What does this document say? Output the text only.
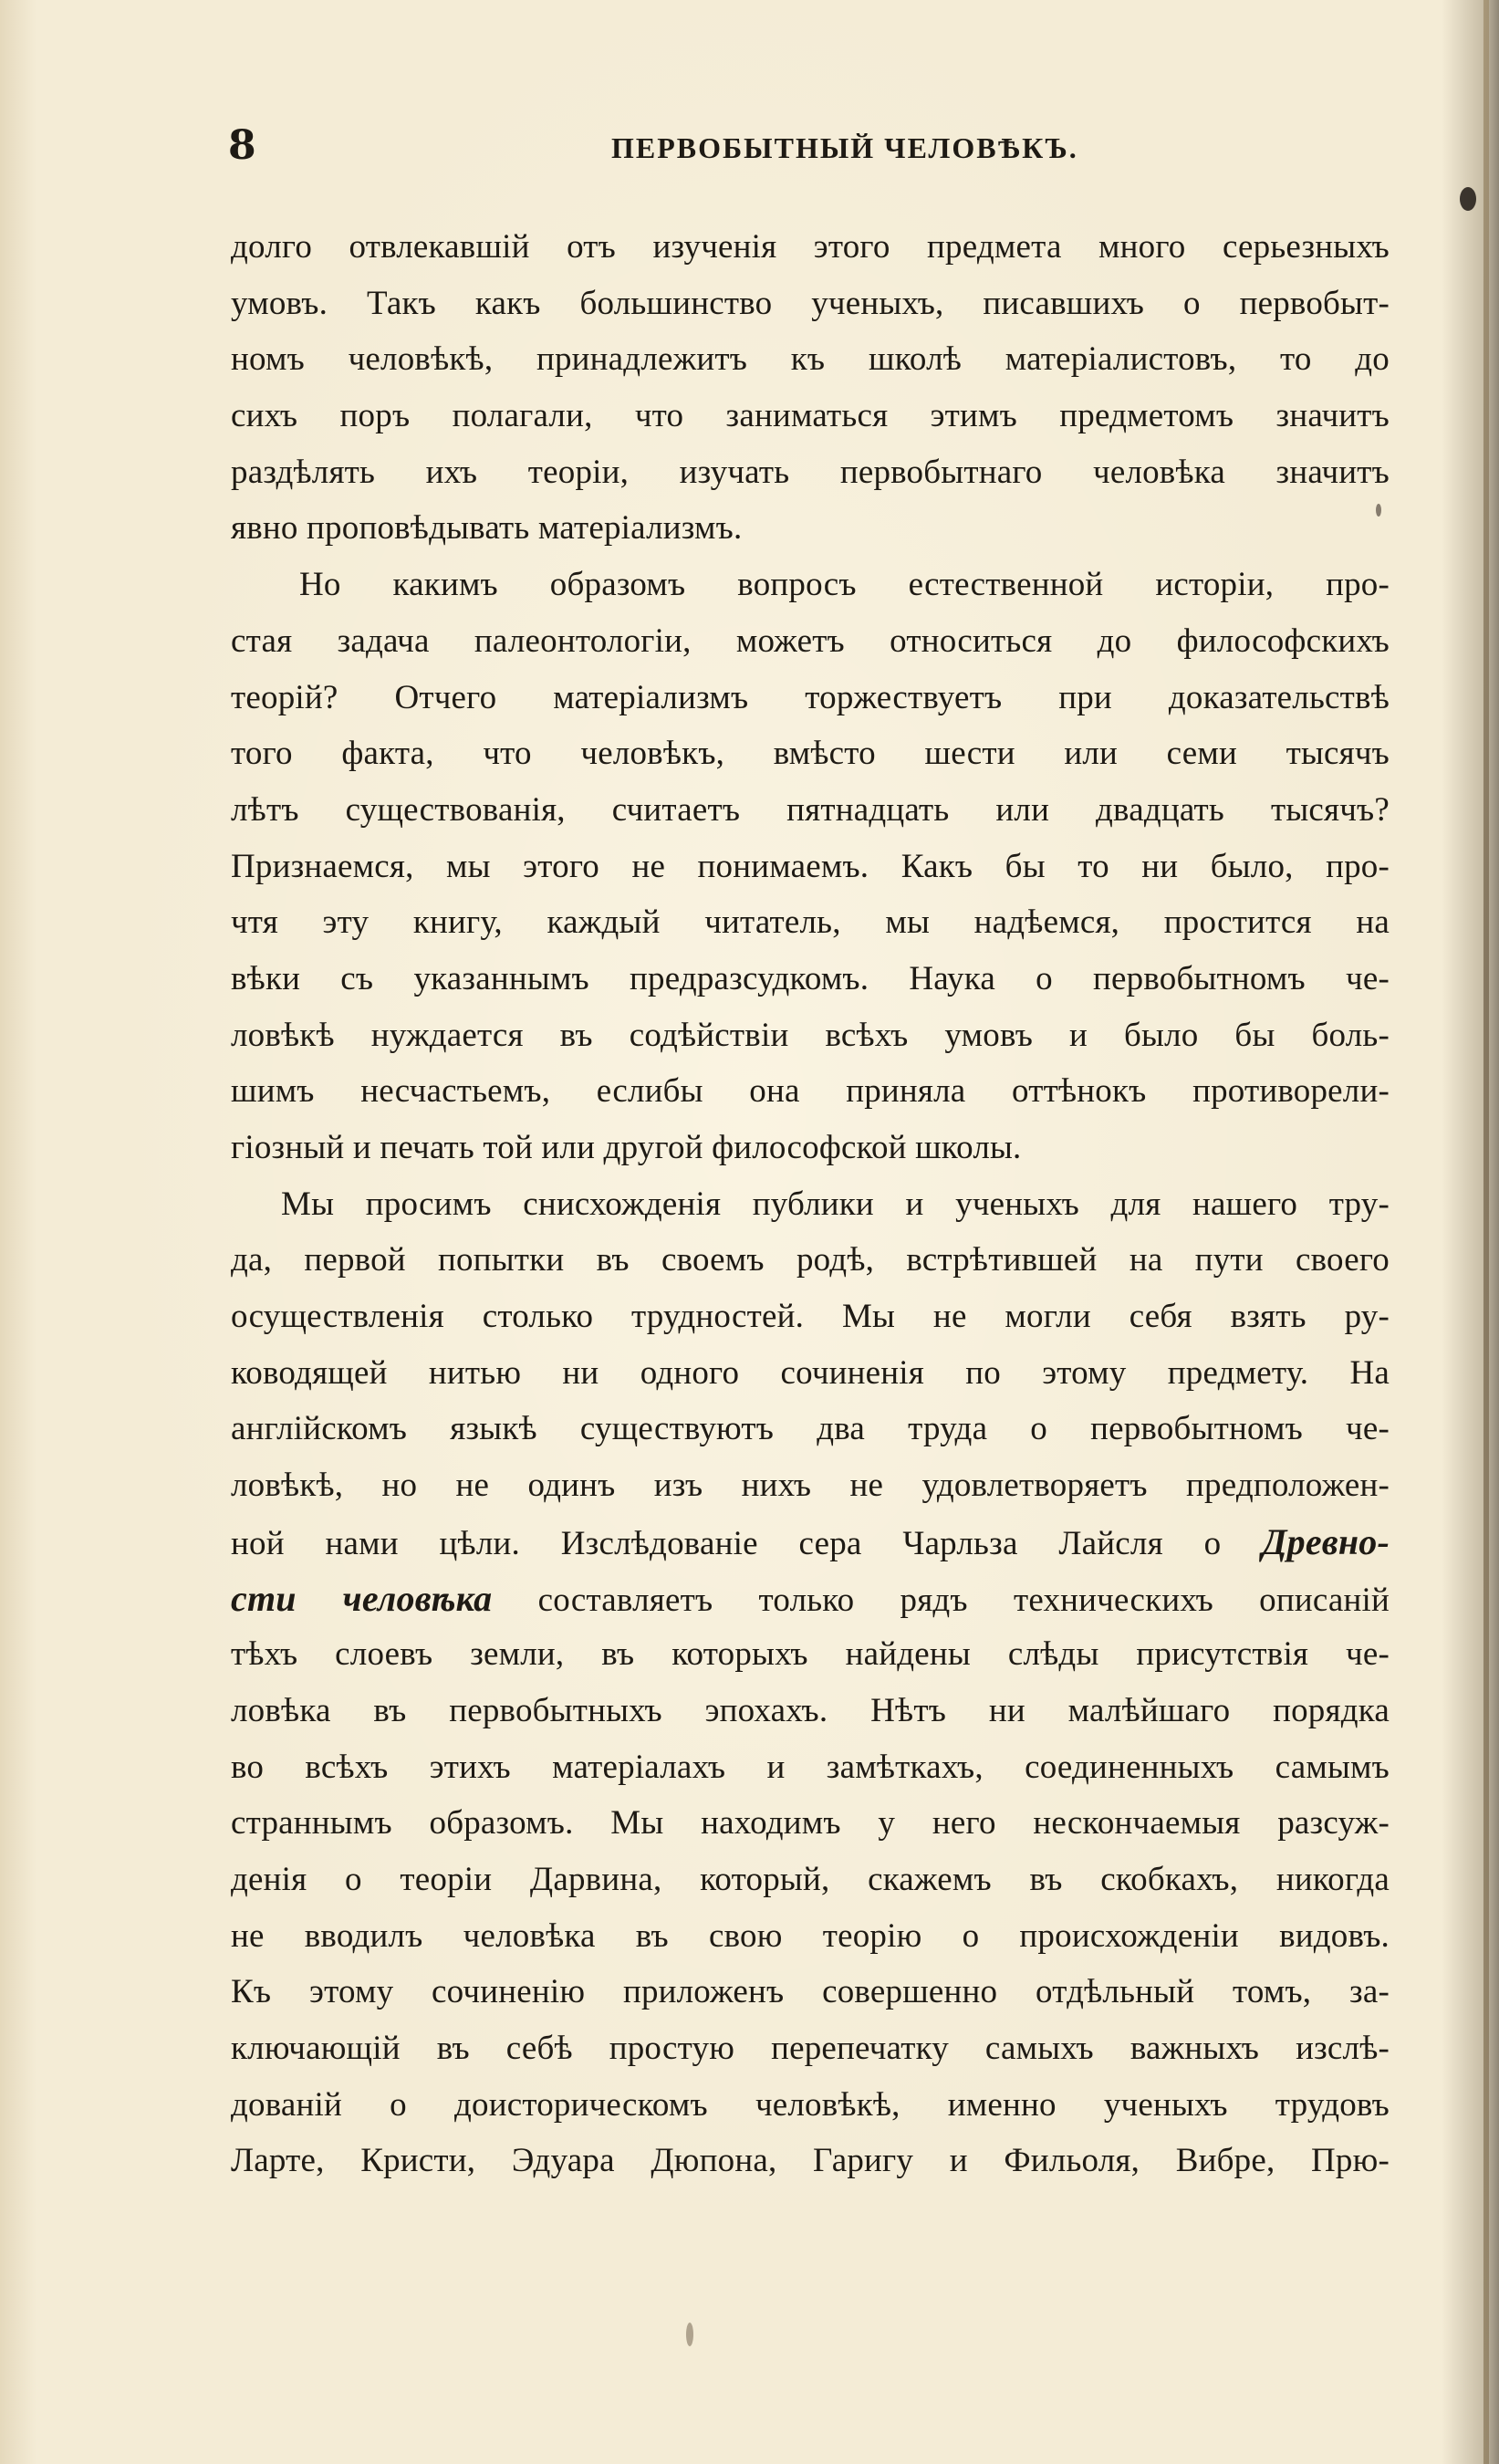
8	ПЕРВОБЫТНЫЙ ЧЕЛОВѢКЪ.
долго отвлекавшій отъ изученія этого предмета много серьезныхъ
умовъ. Такъ какъ большинство ученыхъ, писавшихъ о первобыт-
номъ человѣкѣ, принадлежитъ къ школѣ матеріалистовъ, то до
сихъ поръ полагали, что заниматься этимъ предметомъ значитъ
раздѣлять ихъ теоріи, изучать первобытнаго человѣка значитъ
явно проповѣдывать матеріализмъ.
Но какимъ образомъ вопросъ естественной исторіи, про-
стая задача палеонтологіи, можетъ относиться до философскихъ
теорій? Отчего матеріализмъ торжествуетъ при доказательствѣ
того факта, что человѣкъ, вмѣсто шести или семи тысячъ
лѣтъ существованія, считаетъ пятнадцать или двадцать тысячъ?
Признаемся, мы этого не понимаемъ. Какъ бы то ни было, про-
чтя эту книгу, каждый читатель, мы надѣемся, простится на
вѣки съ указаннымъ предразсудкомъ. Наука о первобытномъ че-
ловѣкѣ нуждается въ содѣйствіи всѣхъ умовъ и было бы боль-
шимъ несчастьемъ, еслибы она приняла оттѣнокъ противорели-
гіозный и печать той или другой философской школы.
Мы просимъ снисхожденія публики и ученыхъ для нашего тру-
да, первой попытки въ своемъ родѣ, встрѣтившей на пути своего
осуществленія столько трудностей. Мы не могли себя взять ру-
ководящей нитью ни одного сочиненія по этому предмету. На
англійскомъ языкѣ существуютъ два труда о первобытномъ че-
ловѣкѣ, но не одинъ изъ нихъ не удовлетворяетъ предположен-
ной нами цѣли. Изслѣдованіе сера Чарльза Лайсля о Древно-
сти человѣка составляетъ только рядъ техническихъ описаній
тѣхъ слоевъ земли, въ которыхъ найдены слѣды присутствія че-
ловѣка въ первобытныхъ эпохахъ. Нѣтъ ни малѣйшаго порядка
во всѣхъ этихъ матеріалахъ и замѣткахъ, соединенныхъ самымъ
страннымъ образомъ. Мы находимъ у него нескончаемыя разсуж-
денія о теоріи Дарвина, который, скажемъ въ скобкахъ, никогда
не вводилъ человѣка въ свою теорію о происхожденіи видовъ.
Къ этому сочиненію приложенъ совершенно отдѣльный томъ, за-
ключающій въ себѣ простую перепечатку самыхъ важныхъ изслѣ-
дованій о доисторическомъ человѣкѣ, именно ученыхъ трудовъ
Ларте, Кристи, Эдуара Дюпона, Гаригу и Фильоля, Вибре, Прю-
